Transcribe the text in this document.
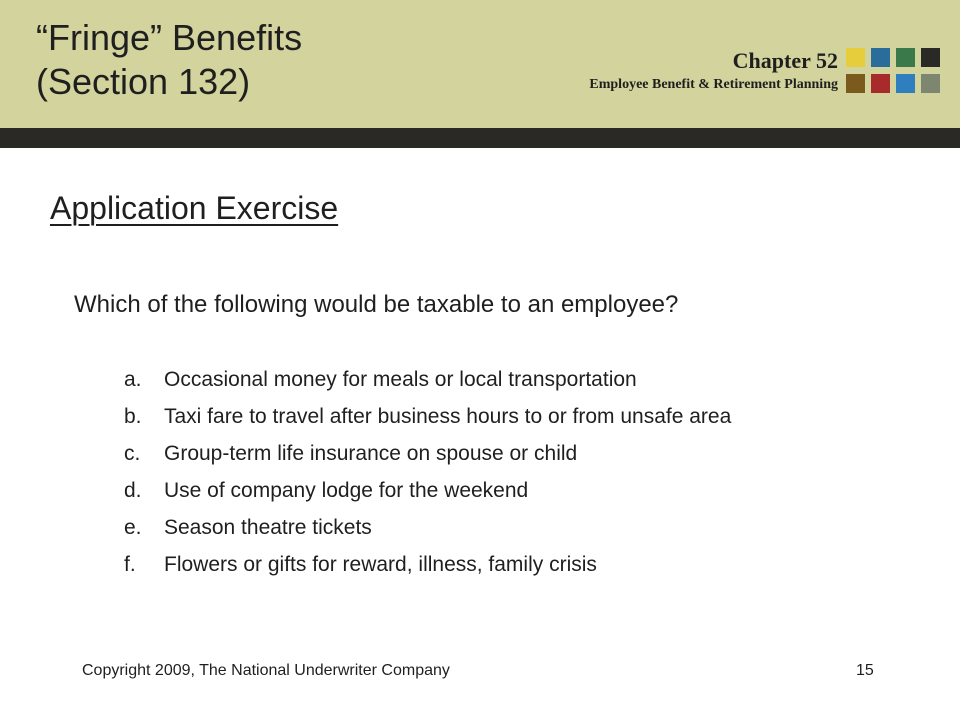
“Fringe” Benefits
(Section 132)
Chapter 52
Employee Benefit & Retirement Planning
Application Exercise
Which of the following would be taxable to an employee?
a. Occasional money for meals or local transportation
b. Taxi fare to travel after business hours to or from unsafe area
c. Group-term life insurance on spouse or child
d. Use of company lodge for the weekend
e. Season theatre tickets
f. Flowers or gifts for reward, illness, family crisis
Copyright 2009, The National Underwriter Company	15
